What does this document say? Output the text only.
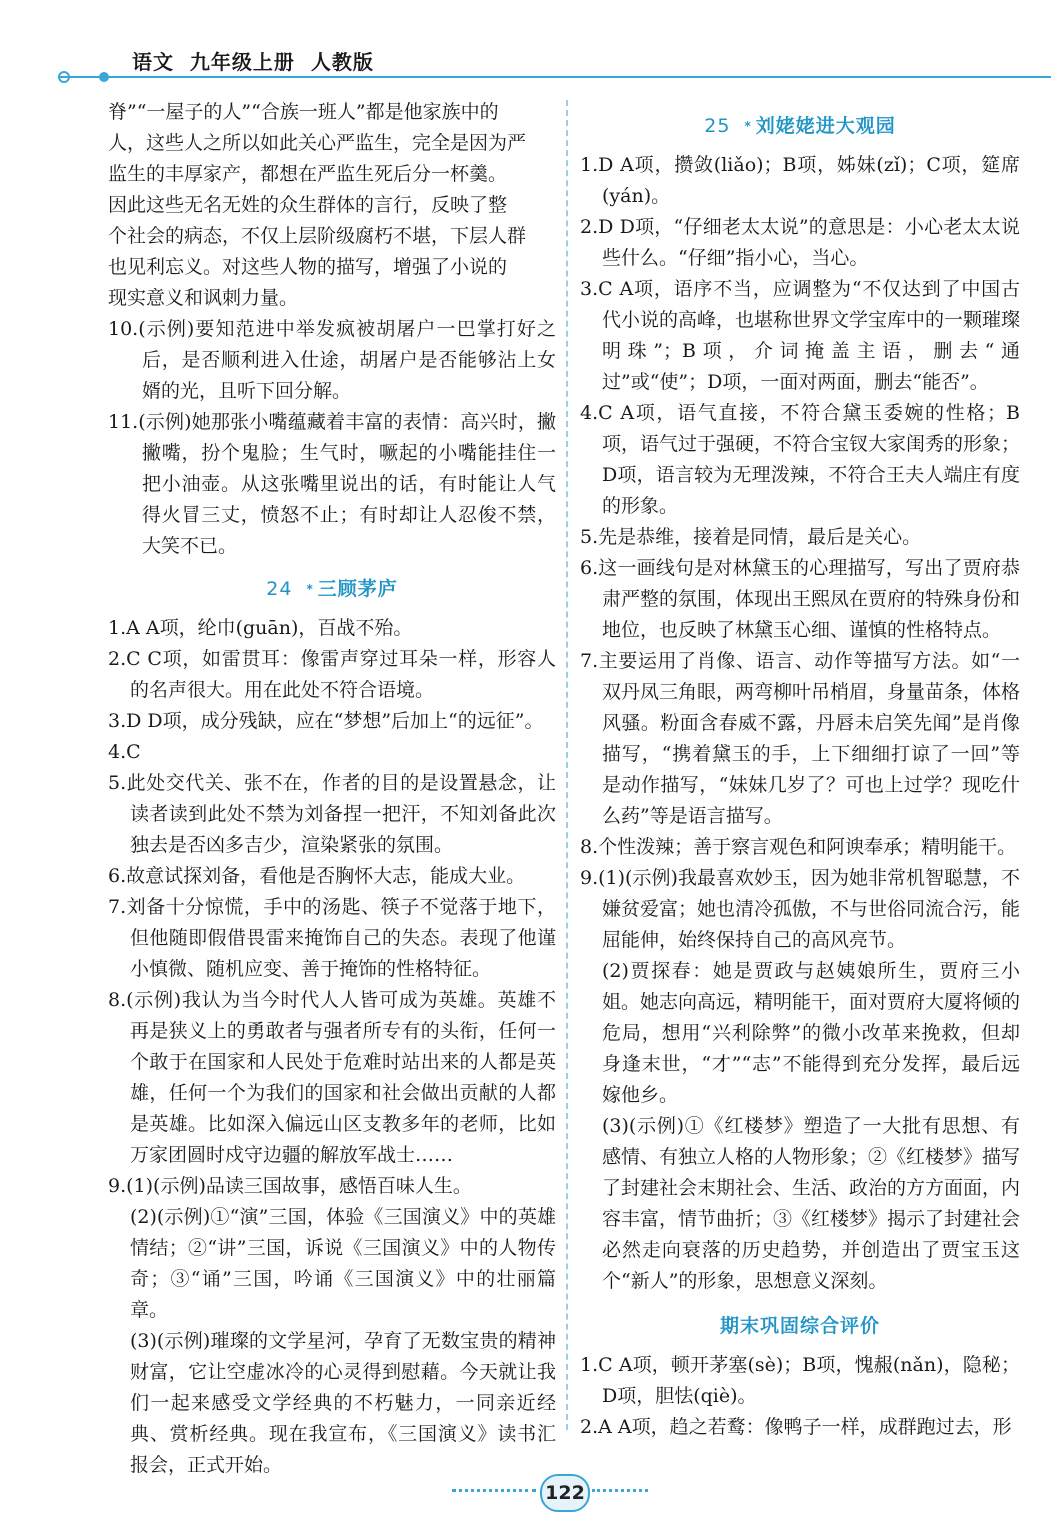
语文  九年级上册  人教版

脊”“一屋子的人”“合族一班人”都是他家族中的

人，这些人之所以如此关心严监生，完全是因为严

监生的丰厚家产，都想在严监生死后分一杯羹。

因此这些无名无姓的众生群体的言行，反映了整

个社会的病态，不仅上层阶级腐朽不堪，下层人群

也见利忘义。对这些人物的描写，增强了小说的

现实意义和讽刺力量。

10.(示例)要知范进中举发疯被胡屠户一巴掌打好之后，是否顺利进入仕途，胡屠户是否能够沾上女婿的光，且听下回分解。

11.(示例)她那张小嘴蕴藏着丰富的表情：高兴时，撇撇嘴，扮个鬼脸；生气时，噘起的小嘴能挂住一把小油壶。从这张嘴里说出的话，有时能让人气得火冒三丈，愤怒不止；有时却让人忍俊不禁，大笑不已。

24 * 三顾茅庐

1.A A项，纶巾(guān)，百战不殆。

2.C C项，如雷贯耳：像雷声穿过耳朵一样，形容人的名声很大。用在此处不符合语境。

3.D D项，成分残缺，应在“梦想”后加上“的远征”。

4.C

5.此处交代关、张不在，作者的目的是设置悬念，让读者读到此处不禁为刘备捏一把汗，不知刘备此次独去是否凶多吉少，渲染紧张的氛围。

6.故意试探刘备，看他是否胸怀大志，能成大业。

7.刘备十分惊慌，手中的汤匙、筷子不觉落于地下，但他随即假借畏雷来掩饰自己的失态。表现了他谨小慎微、随机应变、善于掩饰的性格特征。

8.(示例)我认为当今时代人人皆可成为英雄。英雄不再是狭义上的勇敢者与强者所专有的头衔，任何一个敢于在国家和人民处于危难时站出来的人都是英雄，任何一个为我们的国家和社会做出贡献的人都是英雄。比如深入偏远山区支教多年的老师，比如万家团圆时戍守边疆的解放军战士……

9.(1)(示例)品读三国故事，感悟百味人生。

(2)(示例)①“演”三国，体验《三国演义》中的英雄情结；②“讲”三国，诉说《三国演义》中的人物传奇；③“诵”三国，吟诵《三国演义》中的壮丽篇章。

(3)(示例)璀璨的文学星河，孕育了无数宝贵的精神财富，它让空虚冰冷的心灵得到慰藉。今天就让我们一起来感受文学经典的不朽魅力，一同亲近经典、赏析经典。现在我宣布，《三国演义》读书汇报会，正式开始。

25 * 刘姥姥进大观园

1.D A项，攒敛(liǎo)；B项，姊妹(zǐ)；C项，筵席(yán)。

2.D D项，“仔细老太太说”的意思是：小心老太太说些什么。“仔细”指小心，当心。

3.C A项，语序不当，应调整为“不仅达到了中国古代小说的高峰，也堪称世界文学宝库中的一颗璀璨明珠”；B项，介词掩盖主语，删去“通过”或“使”；D项，一面对两面，删去“能否”。

4.C A项，语气直接，不符合黛玉委婉的性格；B项，语气过于强硬，不符合宝钗大家闺秀的形象；D项，语言较为无理泼辣，不符合王夫人端庄有度的形象。

5.先是恭维，接着是同情，最后是关心。

6.这一画线句是对林黛玉的心理描写，写出了贾府恭肃严整的氛围，体现出王熙凤在贾府的特殊身份和地位，也反映了林黛玉心细、谨慎的性格特点。

7.主要运用了肖像、语言、动作等描写方法。如“一双丹凤三角眼，两弯柳叶吊梢眉，身量苗条，体格风骚。粉面含春威不露，丹唇未启笑先闻”是肖像描写，“携着黛玉的手，上下细细打谅了一回”等是动作描写，“妹妹几岁了？可也上过学？现吃什么药”等是语言描写。

8.个性泼辣；善于察言观色和阿谀奉承；精明能干。

9.(1)(示例)我最喜欢妙玉，因为她非常机智聪慧，不嫌贫爱富；她也清冷孤傲，不与世俗同流合污，能屈能伸，始终保持自己的高风亮节。

(2)贾探春：她是贾政与赵姨娘所生，贾府三小姐。她志向高远，精明能干，面对贾府大厦将倾的危局，想用“兴利除弊”的微小改革来挽救，但却身逢末世，“才”“志”不能得到充分发挥，最后远嫁他乡。

(3)(示例)①《红楼梦》塑造了一大批有思想、有感情、有独立人格的人物形象；②《红楼梦》描写了封建社会末期社会、生活、政治的方方面面，内容丰富，情节曲折；③《红楼梦》揭示了封建社会必然走向衰落的历史趋势，并创造出了贾宝玉这个“新人”的形象，思想意义深刻。

期末巩固综合评价

1.C A项，顿开茅塞(sè)；B项，愧赧(nǎn)，隐秘；D项，胆怯(qiè)。

2.A A项，趋之若鹜：像鸭子一样，成群跑过去，形

122
